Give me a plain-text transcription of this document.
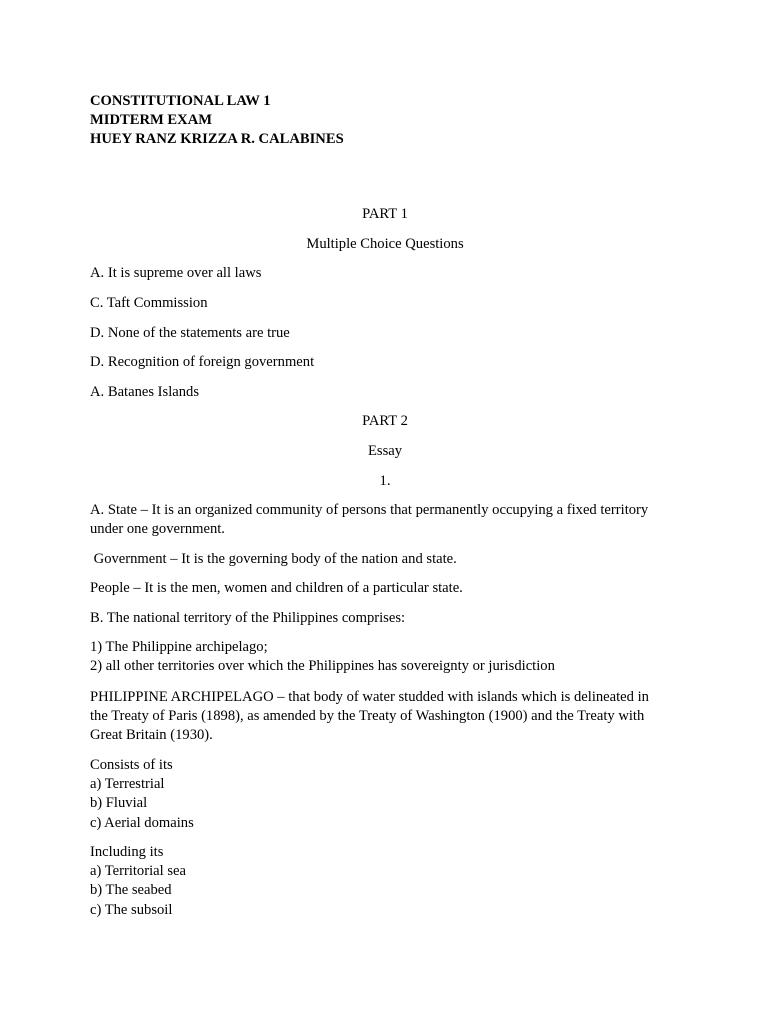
CONSTITUTIONAL LAW 1
MIDTERM EXAM
HUEY RANZ KRIZZA R. CALABINES
PART 1
Multiple Choice Questions
A. It is supreme over all laws
C. Taft Commission
D. None of the statements are true
D. Recognition of foreign government
A. Batanes Islands
PART 2
Essay
1.
A. State – It is an organized community of persons that permanently occupying a fixed territory
under one government.
Government – It is the governing body of the nation and state.
People – It is the men, women and children of a particular state.
B. The national territory of the Philippines comprises:
1) The Philippine archipelago;
2) all other territories over which the Philippines has sovereignty or jurisdiction
PHILIPPINE ARCHIPELAGO – that body of water studded with islands which is delineated in
the Treaty of Paris (1898), as amended by the Treaty of Washington (1900) and the Treaty with
Great Britain (1930).
Consists of its
a) Terrestrial
b) Fluvial
c) Aerial domains
Including its
a) Territorial sea
b) The seabed
c) The subsoil
